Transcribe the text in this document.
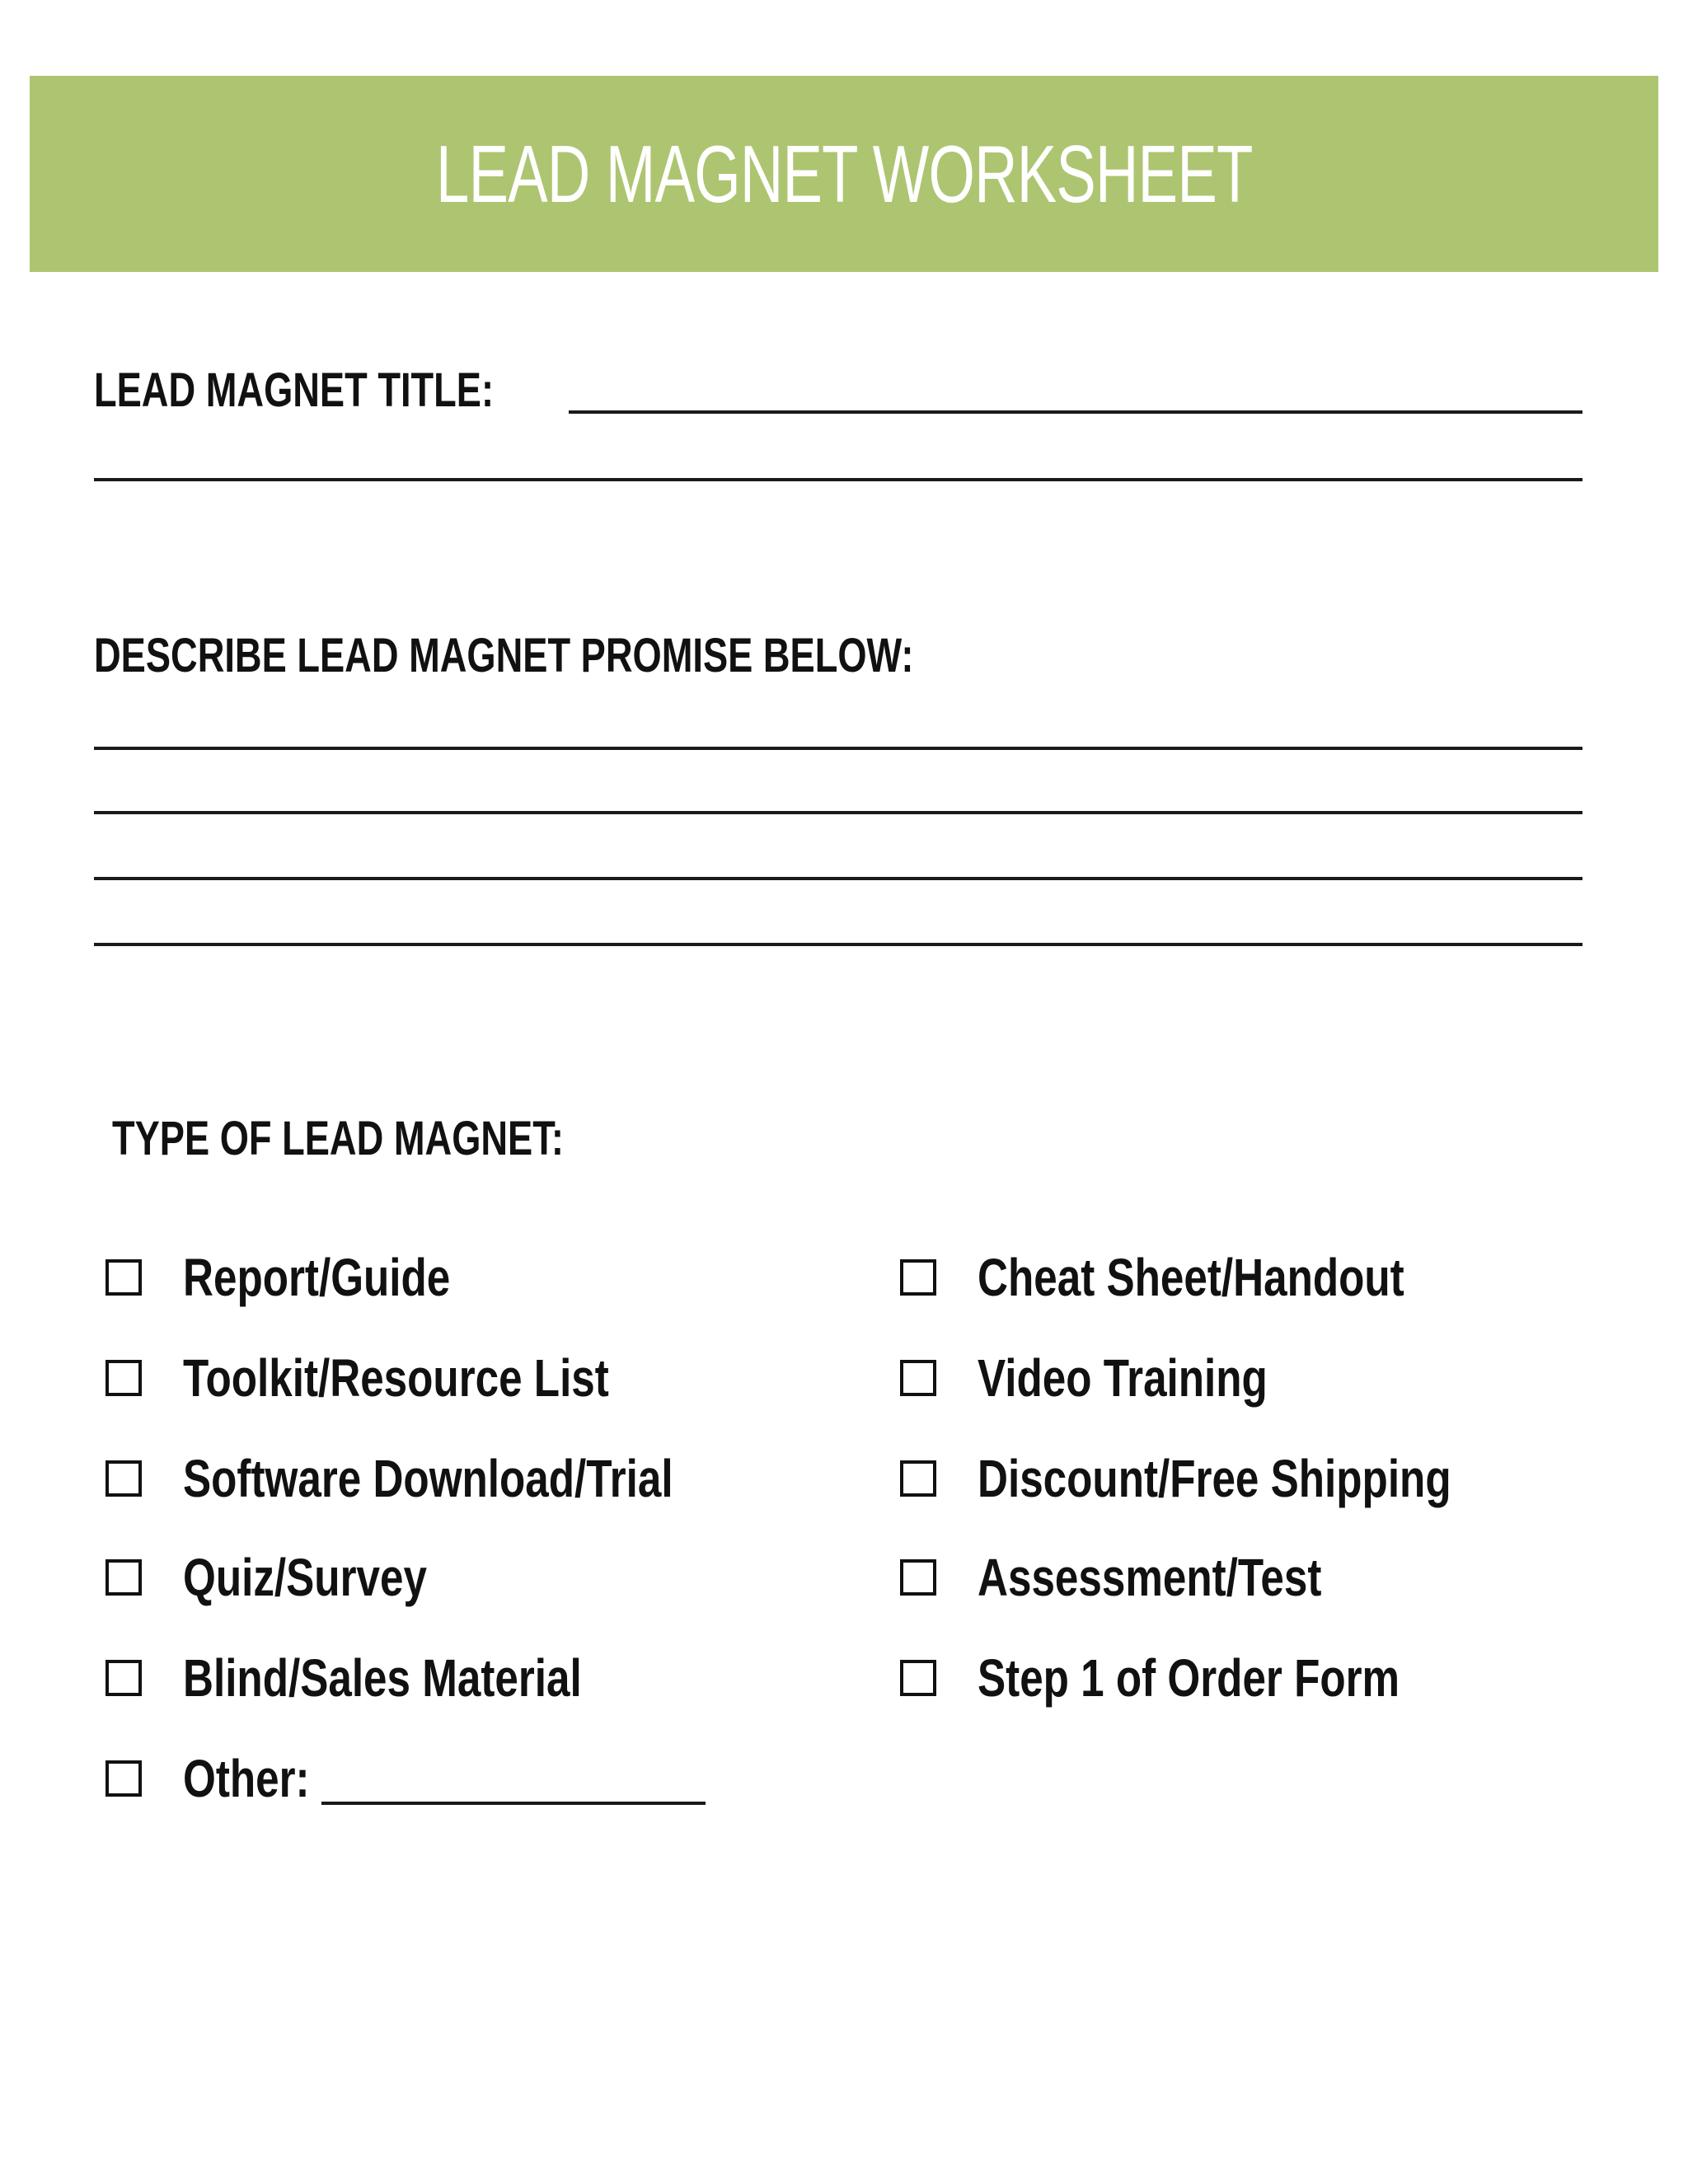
LEAD MAGNET WORKSHEET
LEAD MAGNET TITLE:
DESCRIBE LEAD MAGNET PROMISE BELOW:
TYPE OF LEAD MAGNET:
Report/Guide
Toolkit/Resource List
Software Download/Trial
Quiz/Survey
Blind/Sales Material
Other:
Cheat Sheet/Handout
Video Training
Discount/Free Shipping
Assessment/Test
Step 1 of Order Form
